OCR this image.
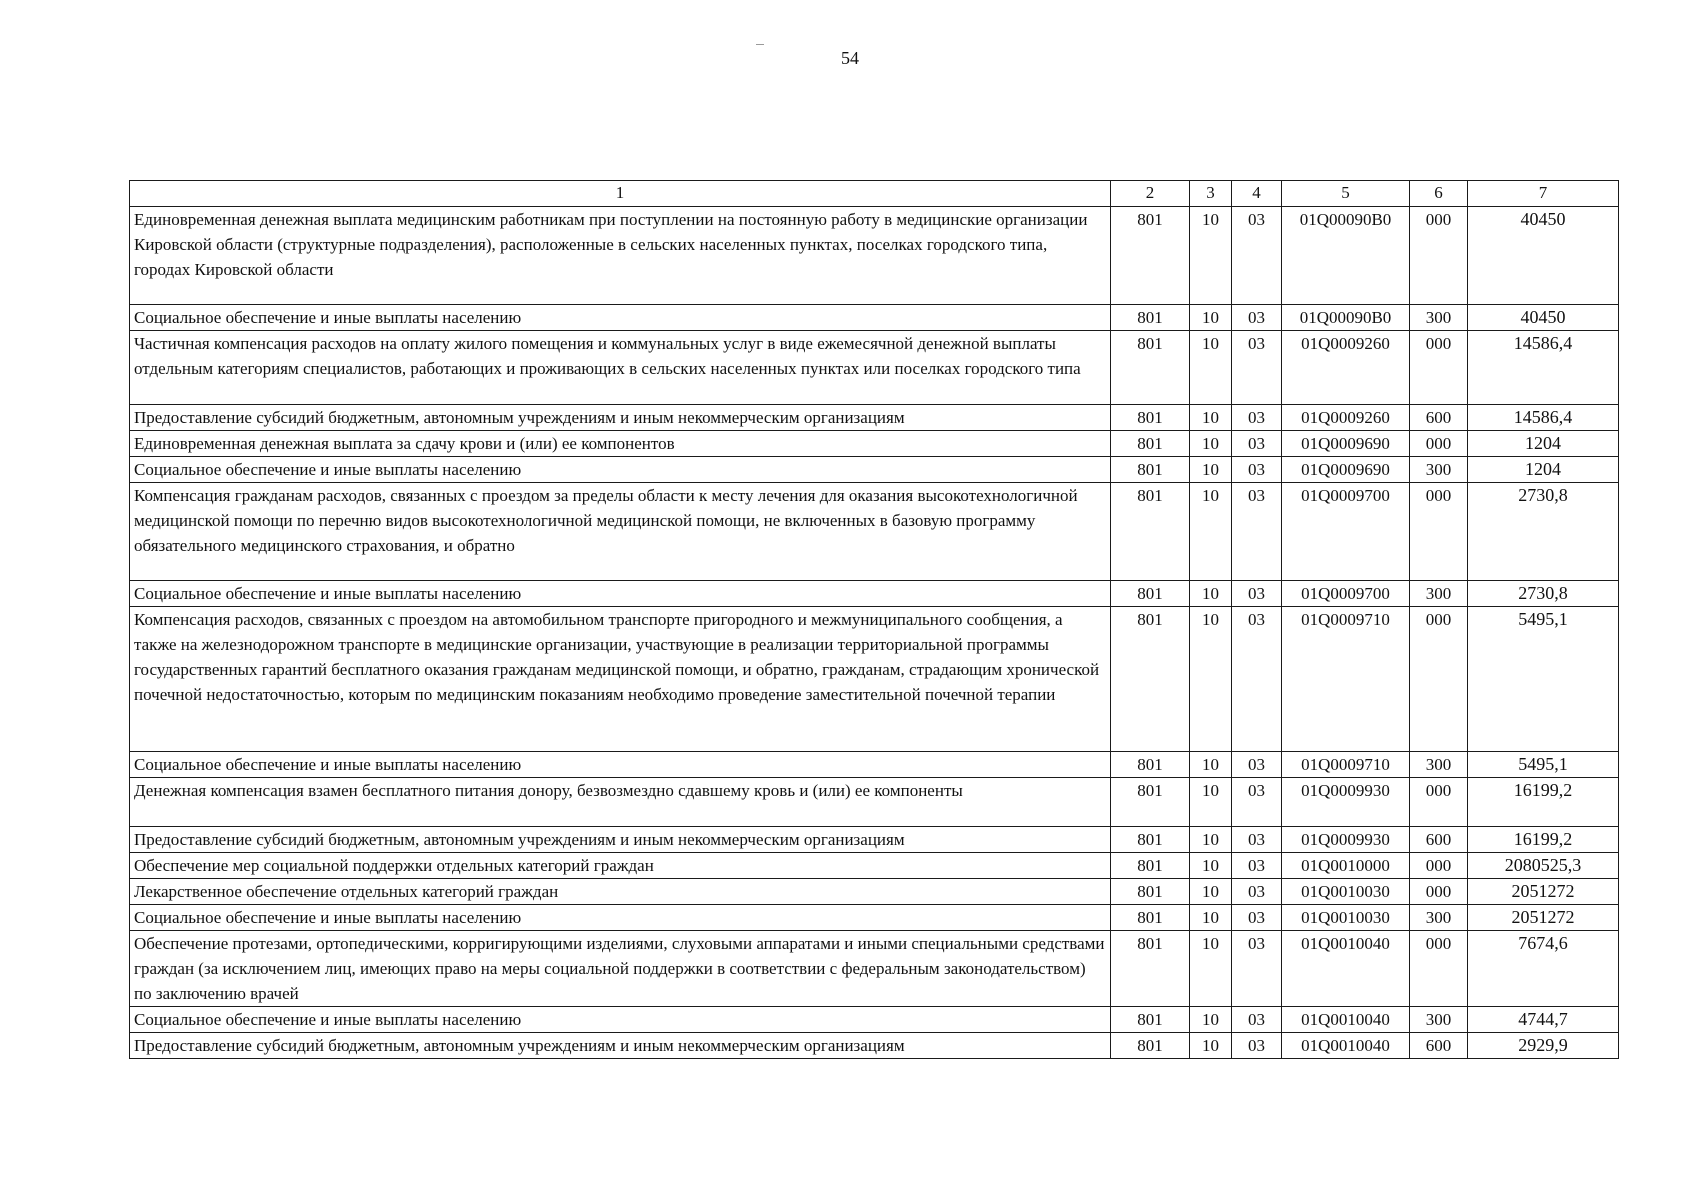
54
1	2	3	4	5	6	7
Единовременная денежная выплата медицинским работникам при поступлении на постоянную работу в медицинские организации Кировской области (структурные подразделения), расположенные в сельских населенных пунктах, поселках городского типа, городах Кировской области	801	10	03	01Q00090B0	000	40450
Социальное обеспечение и иные выплаты населению	801	10	03	01Q00090B0	300	40450
Частичная компенсация расходов на оплату жилого помещения и коммунальных услуг в виде ежемесячной денежной выплаты отдельным категориям специалистов, работающих и проживающих в сельских населенных пунктах или поселках городского типа	801	10	03	01Q0009260	000	14586,4
Предоставление субсидий бюджетным, автономным учреждениям и иным некоммерческим организациям	801	10	03	01Q0009260	600	14586,4
Единовременная денежная выплата за сдачу крови и (или) ее компонентов	801	10	03	01Q0009690	000	1204
Социальное обеспечение и иные выплаты населению	801	10	03	01Q0009690	300	1204
Компенсация гражданам расходов, связанных с проездом за пределы области к месту лечения для оказания высокотехнологичной медицинской помощи по перечню видов высокотехнологичной медицинской помощи, не включенных в базовую программу обязательного медицинского страхования, и обратно	801	10	03	01Q0009700	000	2730,8
Социальное обеспечение и иные выплаты населению	801	10	03	01Q0009700	300	2730,8
Компенсация расходов, связанных с проездом на автомобильном транспорте пригородного и межмуниципального сообщения, а также на железнодорожном транспорте в медицинские организации, участвующие в реализации территориальной программы государственных гарантий бесплатного оказания гражданам медицинской помощи, и обратно, гражданам, страдающим хронической почечной недостаточностью, которым по медицинским показаниям необходимо проведение заместительной почечной терапии	801	10	03	01Q0009710	000	5495,1
Социальное обеспечение и иные выплаты населению	801	10	03	01Q0009710	300	5495,1
Денежная компенсация взамен бесплатного питания донору, безвозмездно сдавшему кровь и (или) ее компоненты	801	10	03	01Q0009930	000	16199,2
Предоставление субсидий бюджетным, автономным учреждениям и иным некоммерческим организациям	801	10	03	01Q0009930	600	16199,2
Обеспечение мер социальной поддержки отдельных категорий граждан	801	10	03	01Q0010000	000	2080525,3
Лекарственное обеспечение отдельных категорий граждан	801	10	03	01Q0010030	000	2051272
Социальное обеспечение и иные выплаты населению	801	10	03	01Q0010030	300	2051272
Обеспечение протезами, ортопедическими, корригирующими изделиями, слуховыми аппаратами и иными специальными средствами граждан (за исключением лиц, имеющих право на меры социальной поддержки в соответствии с федеральным законодательством) по заключению врачей	801	10	03	01Q0010040	000	7674,6
Социальное обеспечение и иные выплаты населению	801	10	03	01Q0010040	300	4744,7
Предоставление субсидий бюджетным, автономным учреждениям и иным некоммерческим организациям	801	10	03	01Q0010040	600	2929,9
